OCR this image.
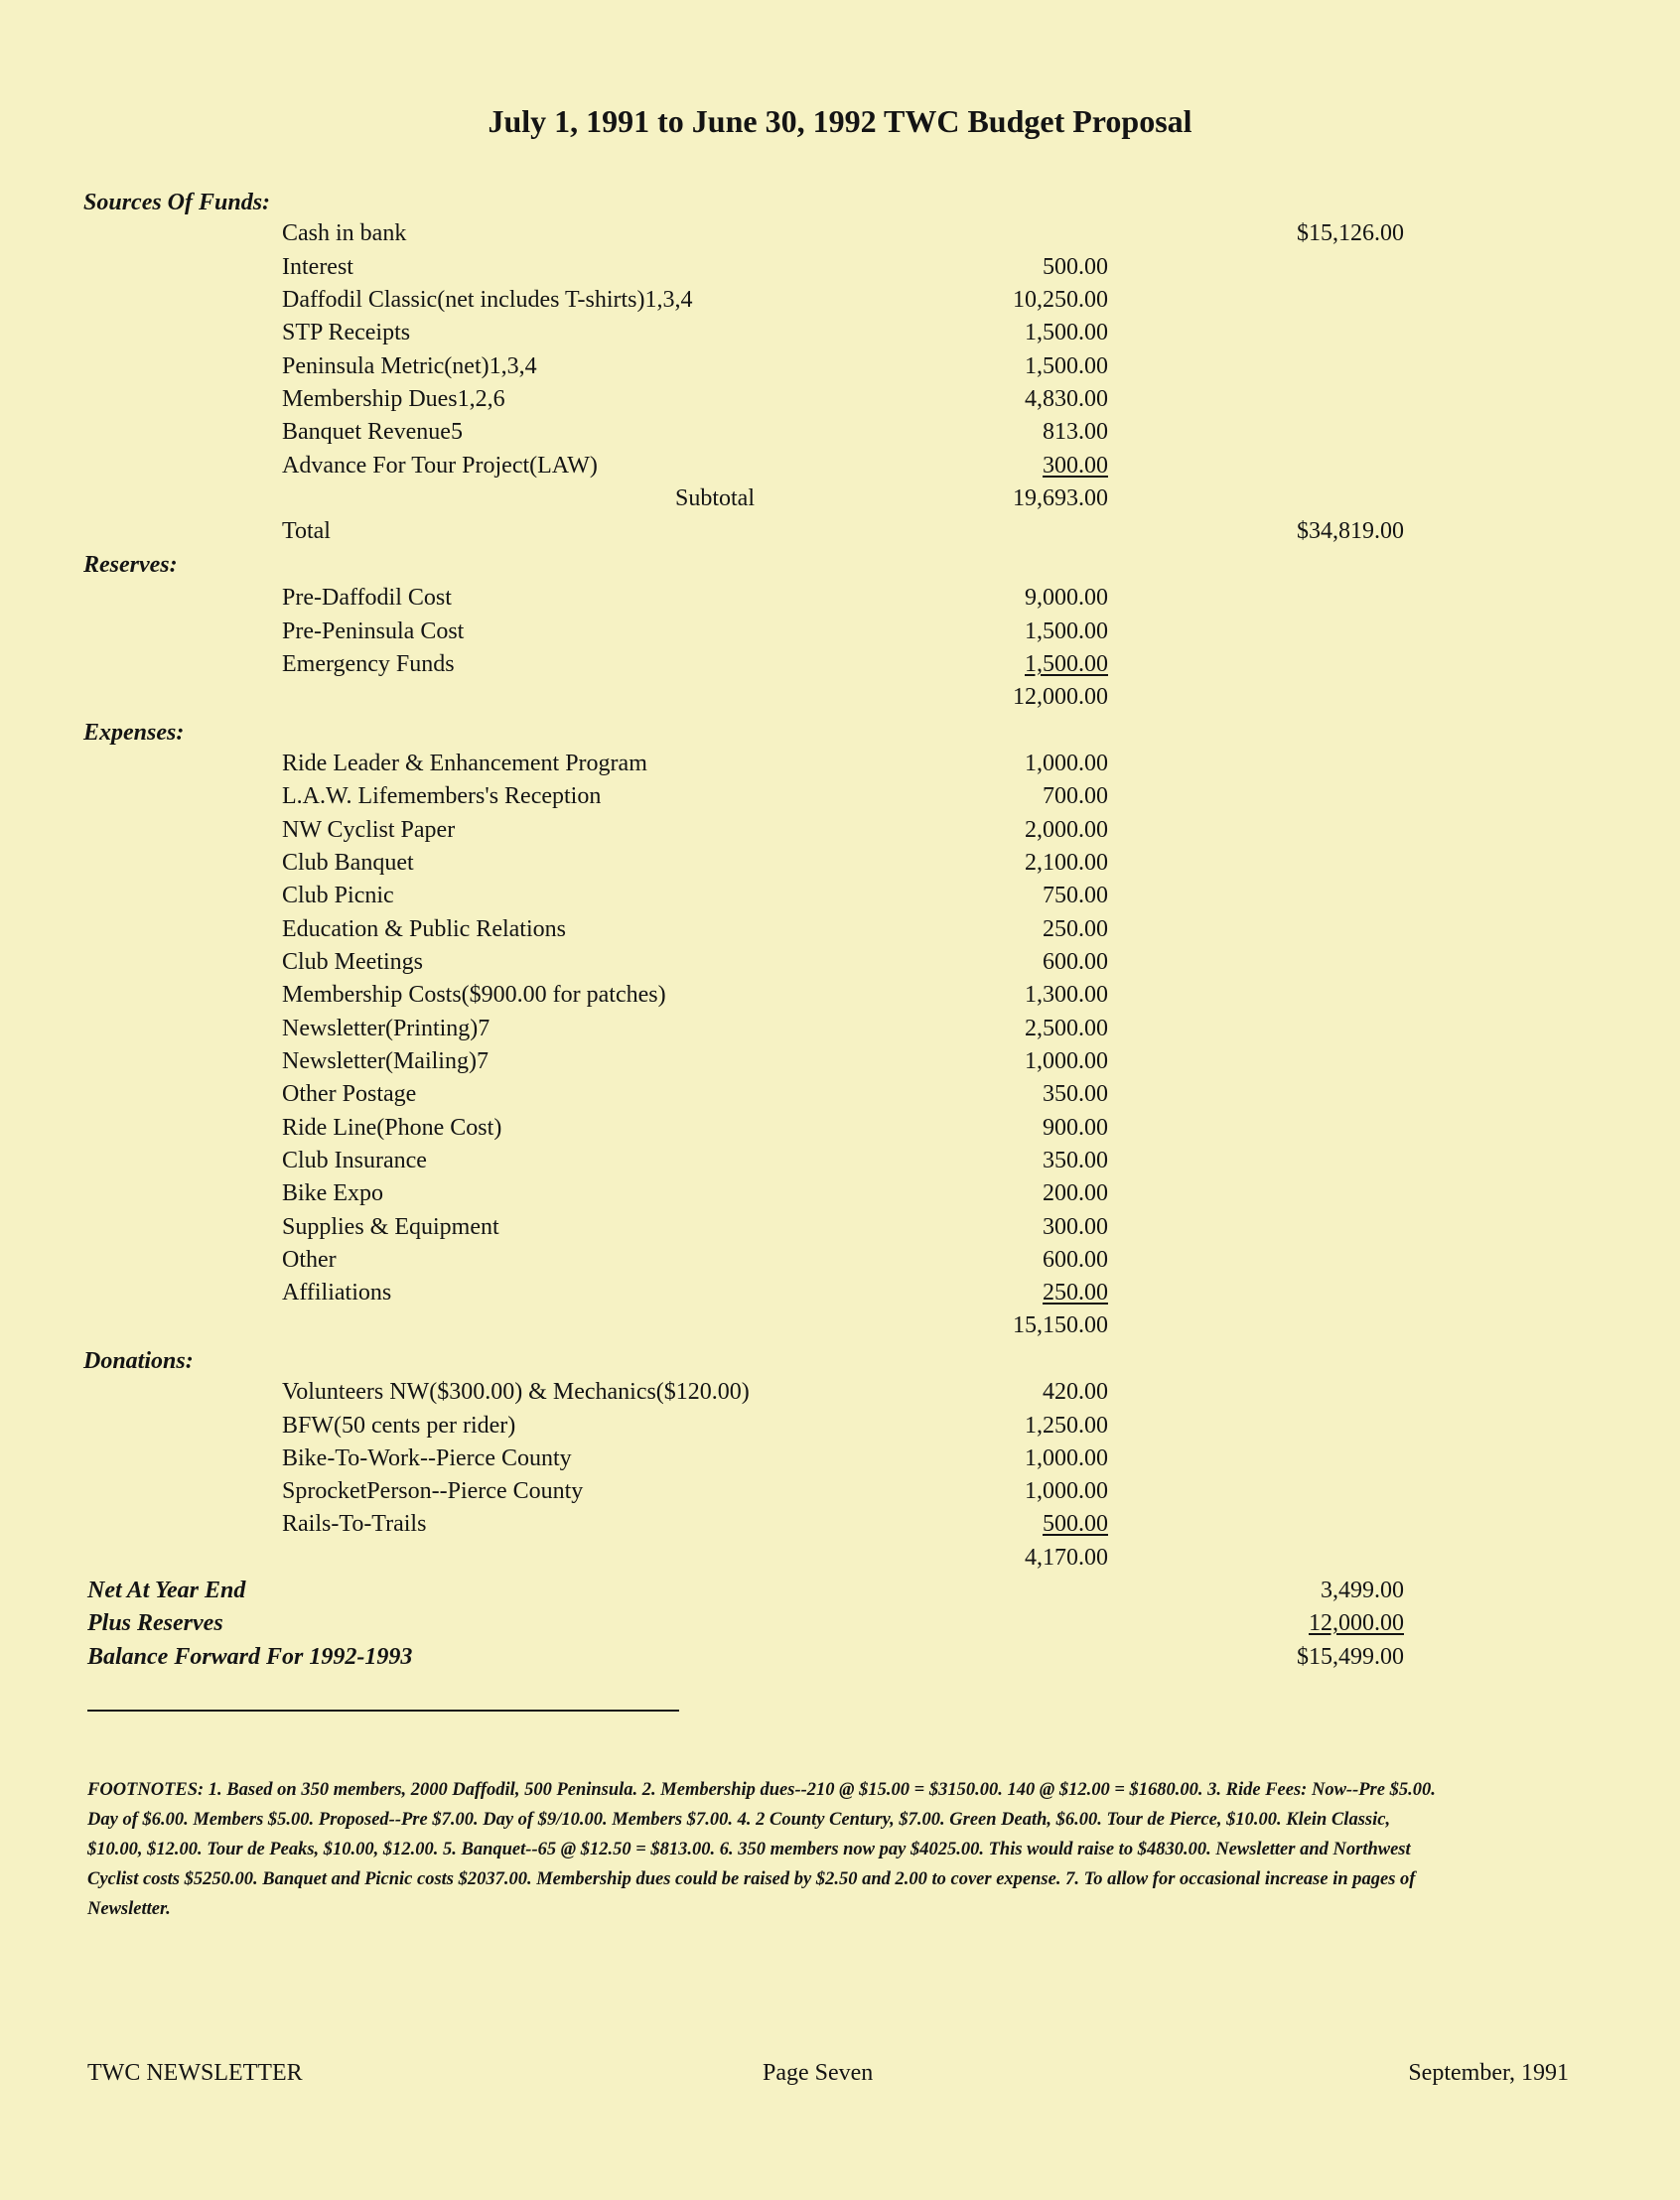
July 1, 1991 to June 30, 1992 TWC Budget Proposal
Sources Of Funds:
Cash in bank	$15,126.00
Interest	500.00
Daffodil Classic(net includes T-shirts)1,3,4	10,250.00
STP Receipts	1,500.00
Peninsula Metric(net)1,3,4	1,500.00
Membership Dues1,2,6	4,830.00
Banquet Revenue5	813.00
Advance For Tour Project(LAW)	300.00
Subtotal	19,693.00
Total	$34,819.00
Reserves:
Pre-Daffodil Cost	9,000.00
Pre-Peninsula Cost	1,500.00
Emergency Funds	1,500.00
12,000.00
Expenses:
Ride Leader & Enhancement Program	1,000.00
L.A.W. Lifemembers's Reception	700.00
NW Cyclist Paper	2,000.00
Club Banquet	2,100.00
Club Picnic	750.00
Education & Public Relations	250.00
Club Meetings	600.00
Membership Costs($900.00 for patches)	1,300.00
Newsletter(Printing)7	2,500.00
Newsletter(Mailing)7	1,000.00
Other Postage	350.00
Ride Line(Phone Cost)	900.00
Club Insurance	350.00
Bike Expo	200.00
Supplies & Equipment	300.00
Other	600.00
Affiliations	250.00
15,150.00
Donations:
Volunteers NW($300.00) & Mechanics($120.00)	420.00
BFW(50 cents per rider)	1,250.00
Bike-To-Work--Pierce County	1,000.00
SprocketPerson--Pierce County	1,000.00
Rails-To-Trails	500.00
4,170.00
Net At Year End	3,499.00
Plus Reserves	12,000.00
Balance Forward For 1992-1993	$15,499.00
FOOTNOTES: 1. Based on 350 members, 2000 Daffodil, 500 Peninsula. 2. Membership dues--210 @ $15.00 = $3150.00. 140 @ $12.00 = $1680.00. 3. Ride Fees: Now--Pre $5.00. Day of $6.00. Members $5.00. Proposed--Pre $7.00. Day of $9/10.00. Members $7.00. 4. 2 County Century, $7.00. Green Death, $6.00. Tour de Pierce, $10.00. Klein Classic, $10.00, $12.00. Tour de Peaks, $10.00, $12.00. 5. Banquet--65 @ $12.50 = $813.00. 6. 350 members now pay $4025.00. This would raise to $4830.00. Newsletter and Northwest Cyclist costs $5250.00. Banquet and Picnic costs $2037.00. Membership dues could be raised by $2.50 and 2.00 to cover expense. 7. To allow for occasional increase in pages of Newsletter.
TWC NEWSLETTER	Page Seven	September, 1991
